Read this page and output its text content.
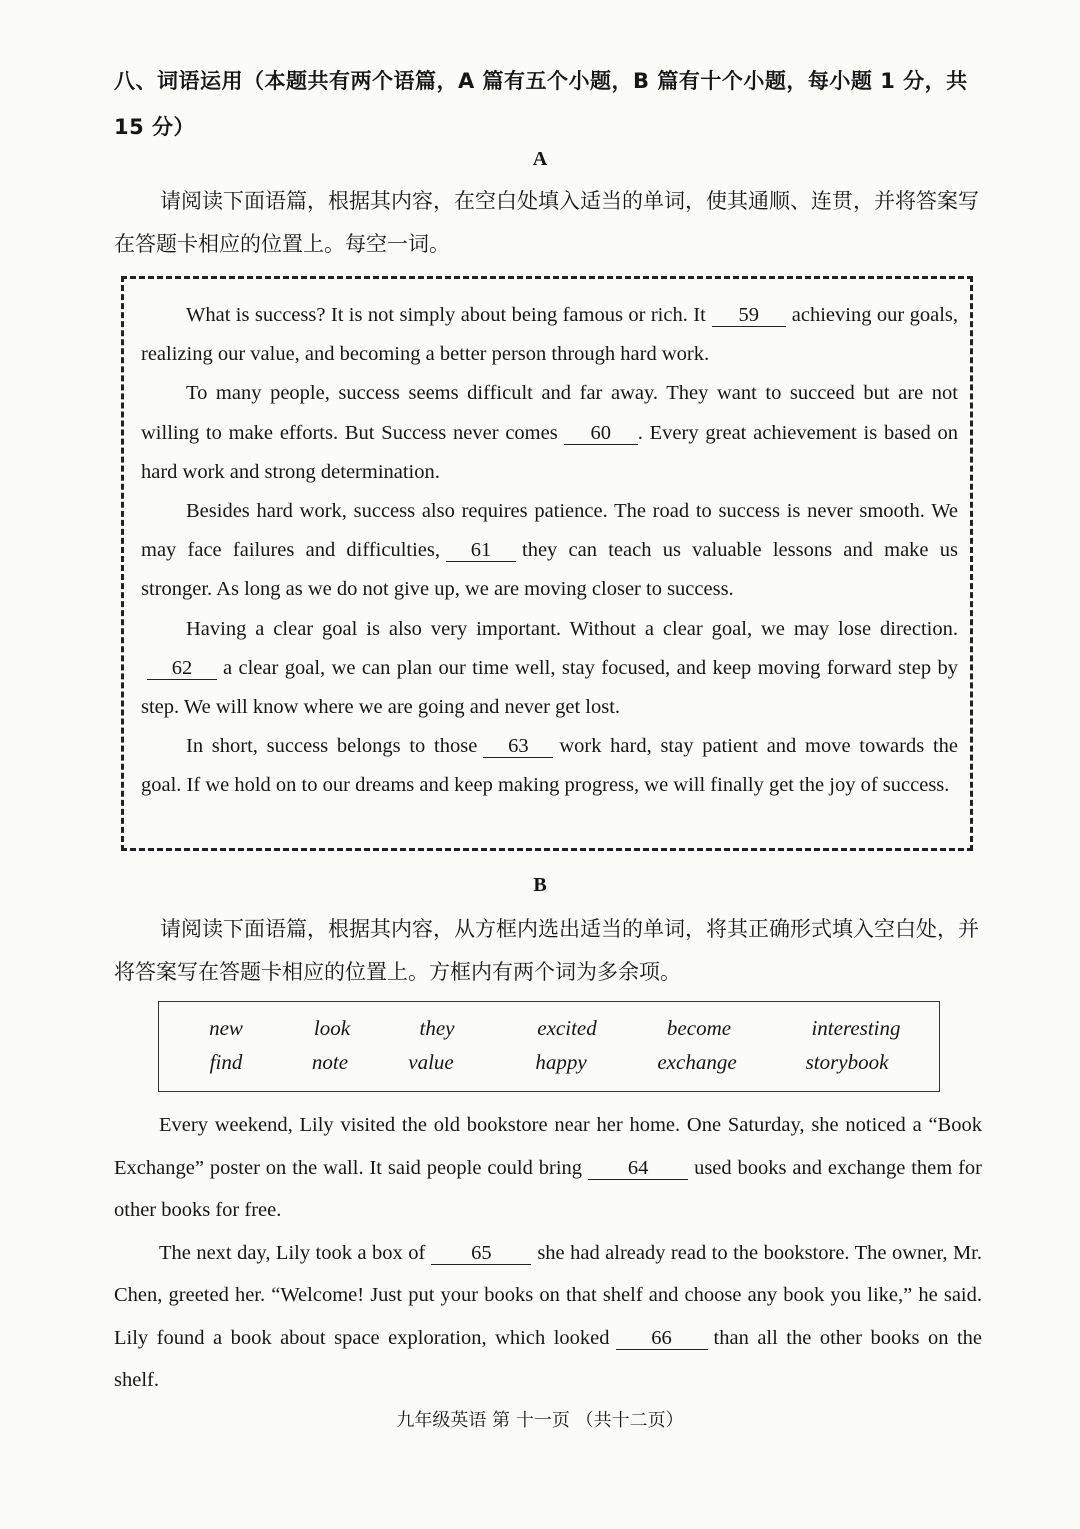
八、词语运用（本题共有两个语篇，A 篇有五个小题，B 篇有十个小题，每小题 1 分，共 15 分）
A

请阅读下面语篇，根据其内容，在空白处填入适当的单词，使其通顺、连贯，并将答案写在答题卡相应的位置上。每空一词。

What is success? It is not simply about being famous or rich. It 59 achieving our goals, realizing our value, and becoming a better person through hard work.

To many people, success seems difficult and far away. They want to succeed but are not willing to make efforts. But Success never comes 60 . Every great achievement is based on hard work and strong determination.

Besides hard work, success also requires patience. The road to success is never smooth. We may face failures and difficulties, 61 they can teach us valuable lessons and make us stronger. As long as we do not give up, we are moving closer to success.

Having a clear goal is also very important. Without a clear goal, we may lose direction.62 a clear goal, we can plan our time well, stay focused, and keep moving forward step by step. We will know where we are going and never get lost.

In short, success belongs to those 63 work hard, stay patient and move towards the goal. If we hold on to our dreams and keep making progress, we will finally get the joy of success.

B

请阅读下面语篇，根据其内容，从方框内选出适当的单词，将其正确形式填入空白处，并将答案写在答题卡相应的位置上。方框内有两个词为多余项。

new	look	they	excited	become	interesting
find	note	value	happy	exchange	storybook

Every weekend, Lily visited the old bookstore near her home. One Saturday, she noticed a “Book Exchange” poster on the wall. It said people could bring 64 used books and exchange them for other books for free.

The next day, Lily took a box of 65 she had already read to the bookstore. The owner, Mr. Chen, greeted her. “Welcome! Just put your books on that shelf and choose any book you like,” he said. Lily found a book about space exploration, which looked 66 than all the other books on the shelf.

九年级英语 第 十一页 （共十二页）
